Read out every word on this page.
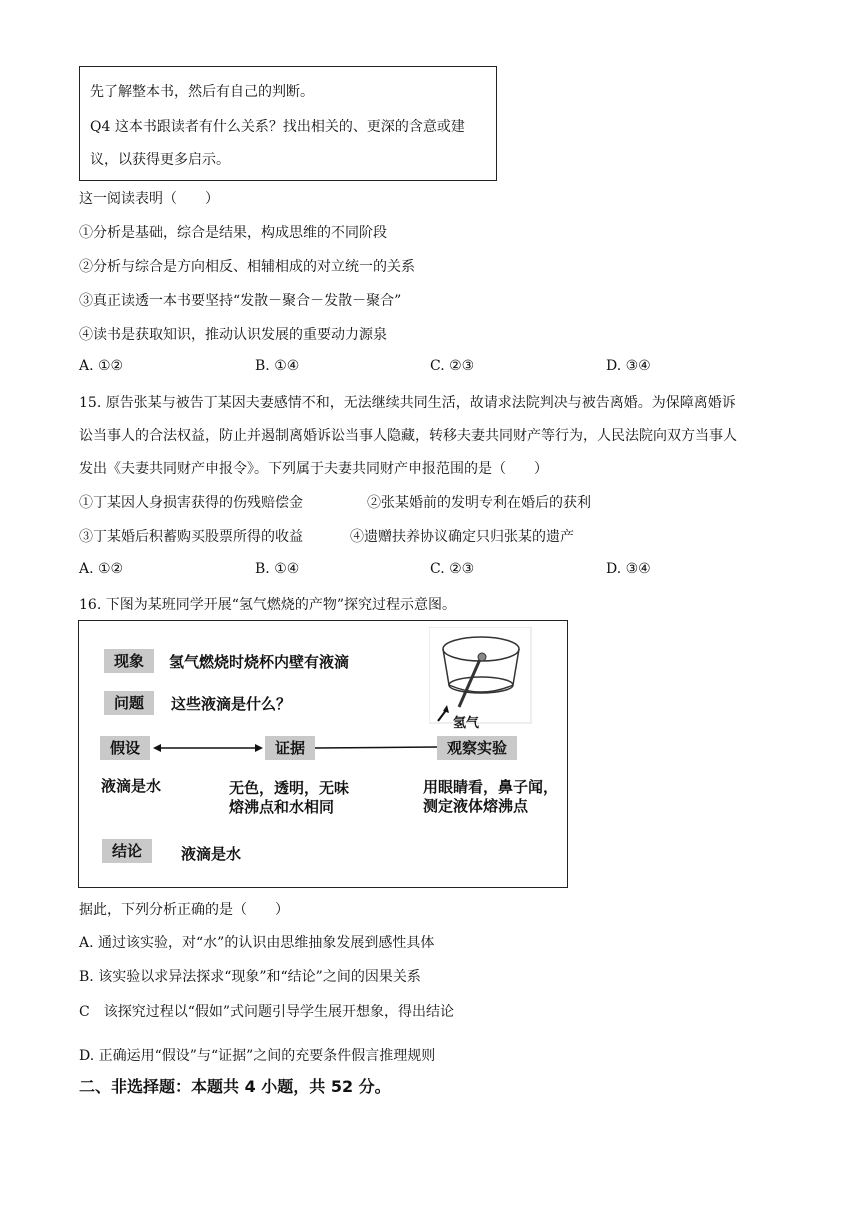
先了解整本书，然后有自己的判断。
Q4 这本书跟读者有什么关系？找出相关的、更深的含意或建
议，以获得更多启示。
这一阅读表明（　　）
①分析是基础，综合是结果，构成思维的不同阶段
②分析与综合是方向相反、相辅相成的对立统一的关系
③真正读透一本书要坚持“发散－聚合－发散－聚合”
④读书是获取知识，推动认识发展的重要动力源泉
A. ①②	B. ①④	C. ②③	D. ③④
15. 原告张某与被告丁某因夫妻感情不和，无法继续共同生活，故请求法院判决与被告离婚。为保障离婚诉
讼当事人的合法权益，防止并遏制离婚诉讼当事人隐藏，转移夫妻共同财产等行为，人民法院向双方当事人
发出《夫妻共同财产申报令》。下列属于夫妻共同财产申报范围的是（　　）
①丁某因人身损害获得的伤残赔偿金	②张某婚前的发明专利在婚后的获利
③丁某婚后积蓄购买股票所得的收益	④遗赠扶养协议确定只归张某的遗产
A. ①②	B. ①④	C. ②③	D. ③④
16. 下图为某班同学开展“氢气燃烧的产物”探究过程示意图。
现象	氢气燃烧时烧杯内壁有液滴
问题	这些液滴是什么？
氢气
假设	证据	观察实验
液滴是水	无色，透明，无味
熔沸点和水相同
用眼睛看，鼻子闻，
测定液体熔沸点
结论	液滴是水
据此，下列分析正确的是（　　）
A. 通过该实验，对“水”的认识由思维抽象发展到感性具体
B. 该实验以求异法探求“现象”和“结论”之间的因果关系
C　该探究过程以“假如”式问题引导学生展开想象，得出结论
D. 正确运用“假设”与“证据”之间的充要条件假言推理规则
二、非选择题：本题共 4 小题，共 52 分。
